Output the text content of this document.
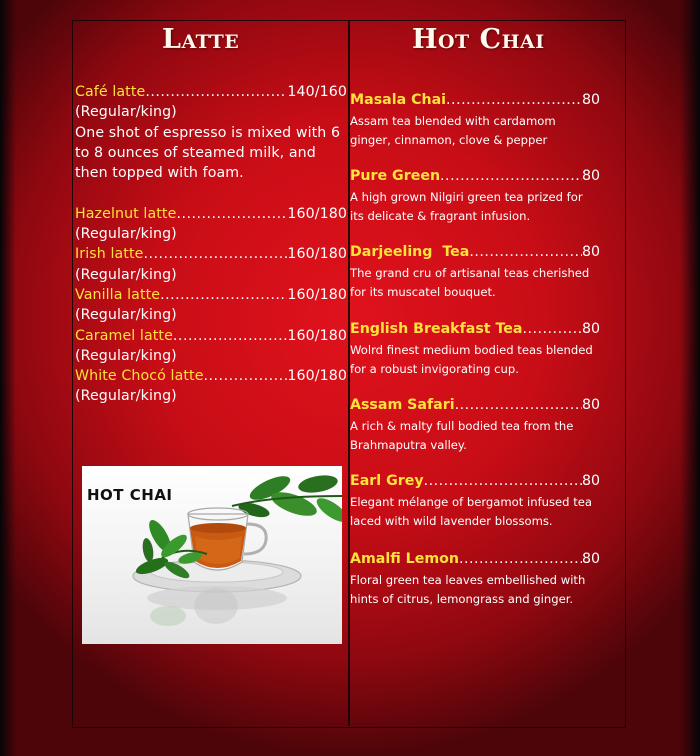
Latte	Hot Chai
Café latte .....	140/160
(Regular/king)
One shot of espresso is mixed with 6 to 8 ounces of steamed milk, and then topped with foam.
Hazelnut latte .....	160/180
(Regular/king)
Irish latte .....	160/180
(Regular/king)
Vanilla latte .....	160/180
(Regular/king)
Caramel latte .....	160/180
(Regular/king)
White Chocó latte .....	160/180
(Regular/king)
HOT CHAI
Masala Chai .....	80
Assam tea blended with cardamom ginger, cinnamon, clove & pepper
Pure Green .....	80
A high grown Nilgiri green tea prized for its delicate & fragrant infusion.
Darjeeling  Tea .....	80
The grand cru of artisanal teas cherished for its muscatel bouquet.
English Breakfast Tea .....	80
Wolrd finest medium bodied teas blended for a robust invigorating cup.
Assam Safari .....	80
A rich & malty full bodied tea from the Brahmaputra valley.
Earl Grey .....	80
Elegant mélange of bergamot infused tea laced with wild lavender blossoms.
Amalfi Lemon .....	80
Floral green tea leaves embellished with hints of citrus, lemongrass and ginger.
